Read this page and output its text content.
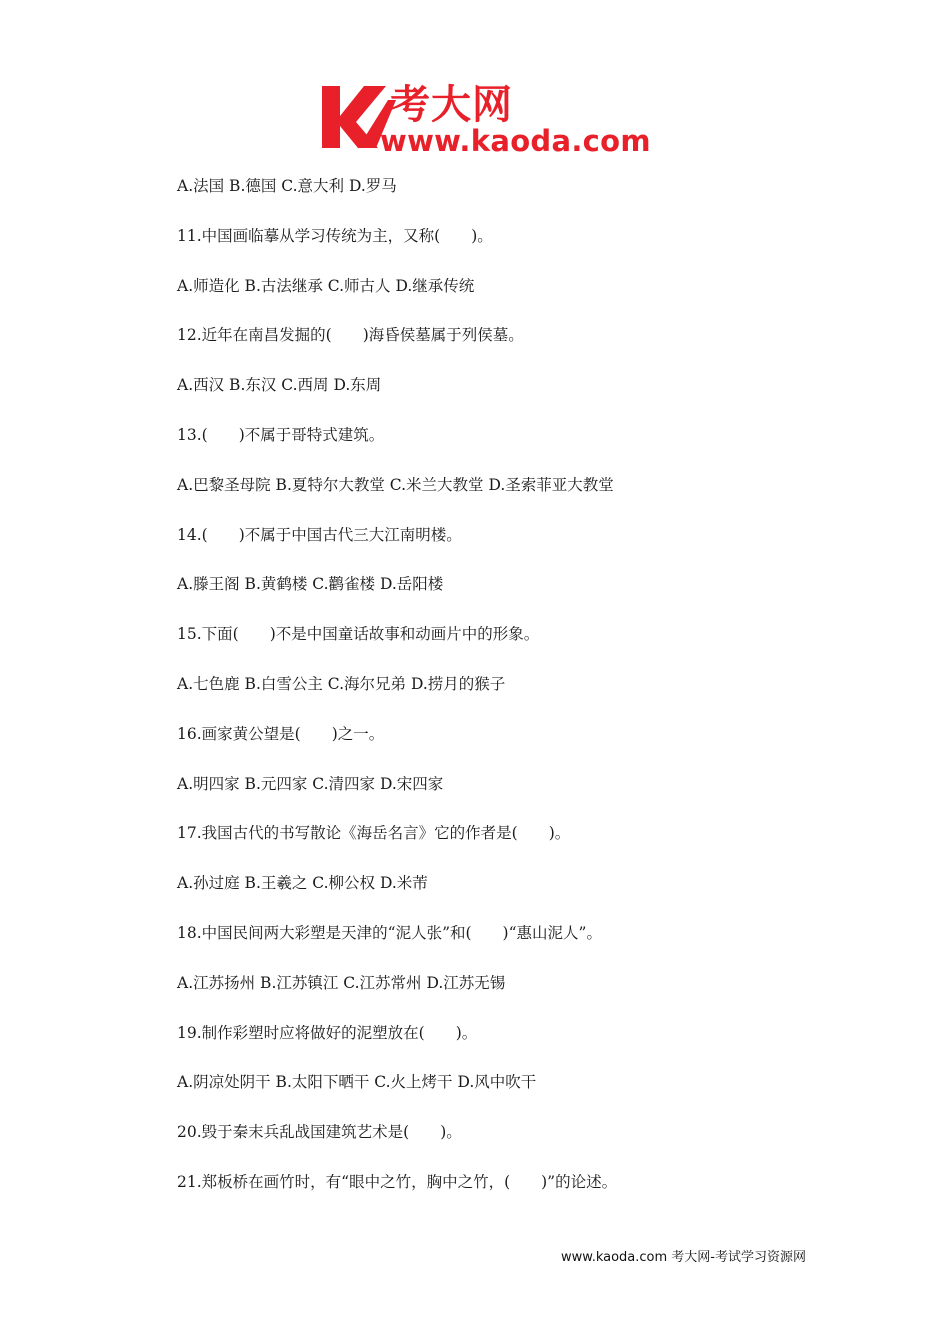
考大网
www.kaoda.com
A.法国 B.德国 C.意大利 D.罗马
11.中国画临摹从学习传统为主，又称(　　)。
A.师造化 B.古法继承 C.师古人 D.继承传统
12.近年在南昌发掘的(　　)海昏侯墓属于列侯墓。
A.西汉 B.东汉 C.西周 D.东周
13.(　　)不属于哥特式建筑。
A.巴黎圣母院 B.夏特尔大教堂 C.米兰大教堂 D.圣索菲亚大教堂
14.(　　)不属于中国古代三大江南明楼。
A.滕王阁 B.黄鹤楼 C.鹳雀楼 D.岳阳楼
15.下面(　　)不是中国童话故事和动画片中的形象。
A.七色鹿 B.白雪公主 C.海尔兄弟 D.捞月的猴子
16.画家黄公望是(　　)之一。
A.明四家 B.元四家 C.清四家 D.宋四家
17.我国古代的书写散论《海岳名言》它的作者是(　　)。
A.孙过庭 B.王羲之 C.柳公权 D.米芾
18.中国民间两大彩塑是天津的“泥人张”和(　　)“惠山泥人”。
A.江苏扬州 B.江苏镇江 C.江苏常州 D.江苏无锡
19.制作彩塑时应将做好的泥塑放在(　　)。
A.阴凉处阴干 B.太阳下晒干 C.火上烤干 D.风中吹干
20.毁于秦末兵乱战国建筑艺术是(　　)。
21.郑板桥在画竹时，有“眼中之竹，胸中之竹，(　　)”的论述。
www.kaoda.com 考大网-考试学习资源网
